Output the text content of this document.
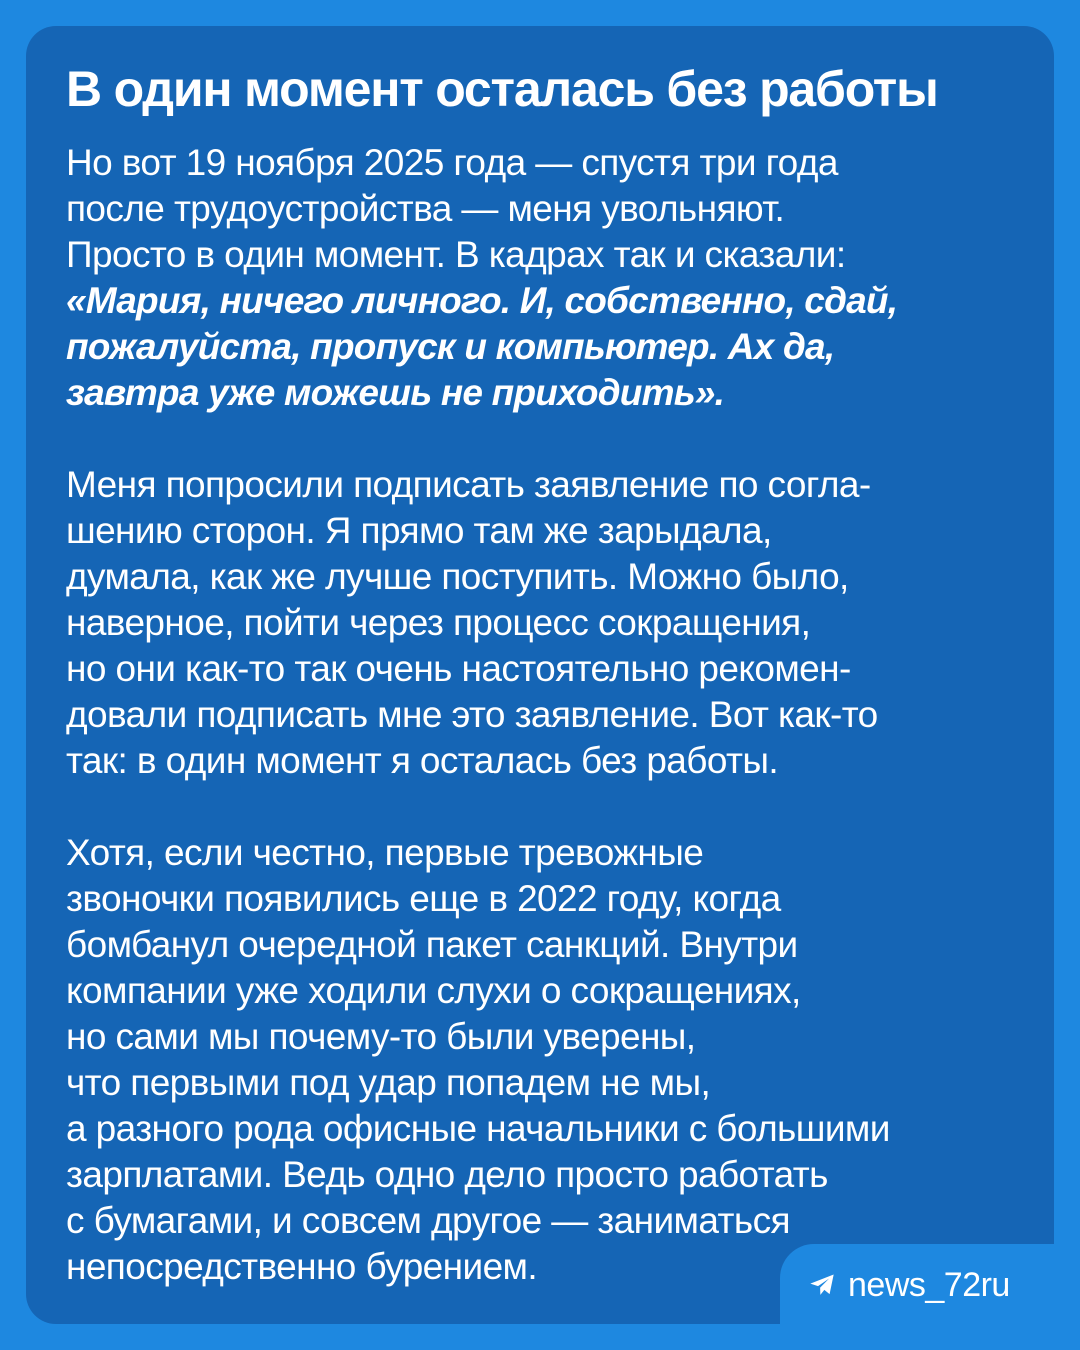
В один момент осталась без работы
Но вот 19 ноября 2025 года — спустя три года
после трудоустройства — меня увольняют.
Просто в один момент. В кадрах так и сказали:
«Мария, ничего личного. И, собственно, сдай,
пожалуйста, пропуск и компьютер. Ах да,
завтра уже можешь не приходить».
Меня попросили подписать заявление по согла-
шению сторон. Я прямо там же зарыдала,
думала, как же лучше поступить. Можно было,
наверное, пойти через процесс сокращения,
но они как-то так очень настоятельно рекомен-
довали подписать мне это заявление. Вот как-то
так: в один момент я осталась без работы.
Хотя, если честно, первые тревожные
звоночки появились еще в 2022 году, когда
бомбанул очередной пакет санкций. Внутри
компании уже ходили слухи о сокращениях,
но сами мы почему-то были уверены,
что первыми под удар попадем не мы,
а разного рода офисные начальники с большими
зарплатами. Ведь одно дело просто работать
с бумагами, и совсем другое — заниматься
непосредственно бурением.	news_72ru
